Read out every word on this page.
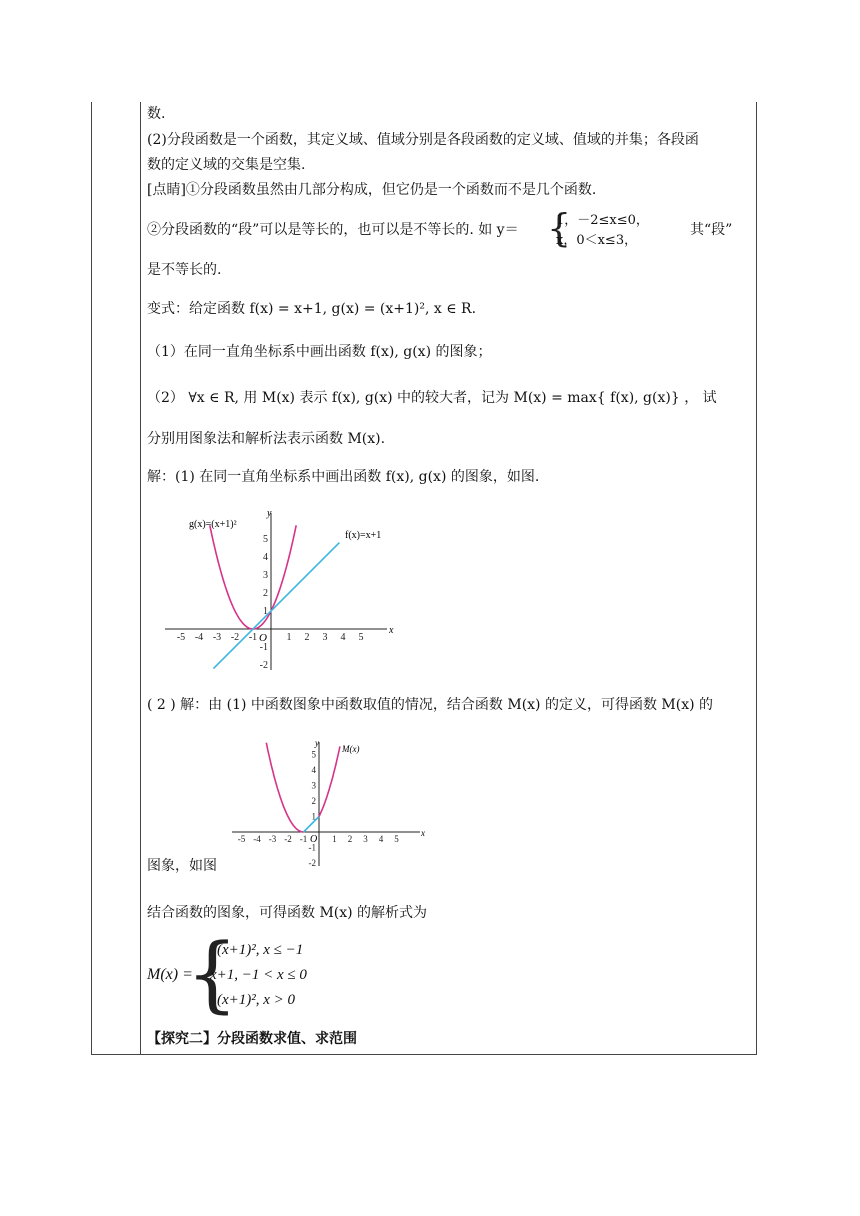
数.
(2)分段函数是一个函数，其定义域、值域分别是各段函数的定义域、值域的并集；各段函
数的定义域的交集是空集.
[点睛]①分段函数虽然由几部分构成，但它仍是一个函数而不是几个函数.
②分段函数的“段”可以是等长的，也可以是不等长的. 如 y＝ {
1，－2≤x≤0，
x，0＜x≤3，
其“段”
是不等长的.
变式：给定函数 f(x) = x+1, g(x) = (x+1)², x ∈ R.
（1）在同一直角坐标系中画出函数 f(x), g(x) 的图象；
（2） ∀x ∈ R, 用 M(x) 表示 f(x), g(x) 中的较大者，记为 M(x) = max{ f(x), g(x)} ， 试
分别用图象法和解析法表示函数 M(x).
解：(1) 在同一直角坐标系中画出函数 f(x), g(x) 的图象，如图.
-5 -4 -3 -2 -1	1 2 3 4 5
5
4
3
2
1
-1
-2
g(x)=(x+1)²
f(x)=x+1
O
x
y
( 2 ) 解：由 (1) 中函数图象中函数取值的情况，结合函数 M(x) 的定义，可得函数 M(x) 的
-5 -4 -3 -2 -1	1 2 3 4 5
5
4
3
2
1
-1
-2
M(x)
O
x
y
图象，如图
结合函数的图象，可得函数 M(x) 的解析式为
M(x) =
{
(x+1)², x ≤ −1
x+1, −1 < x ≤ 0
(x+1)², x > 0
【探究二】分段函数求值、求范围
